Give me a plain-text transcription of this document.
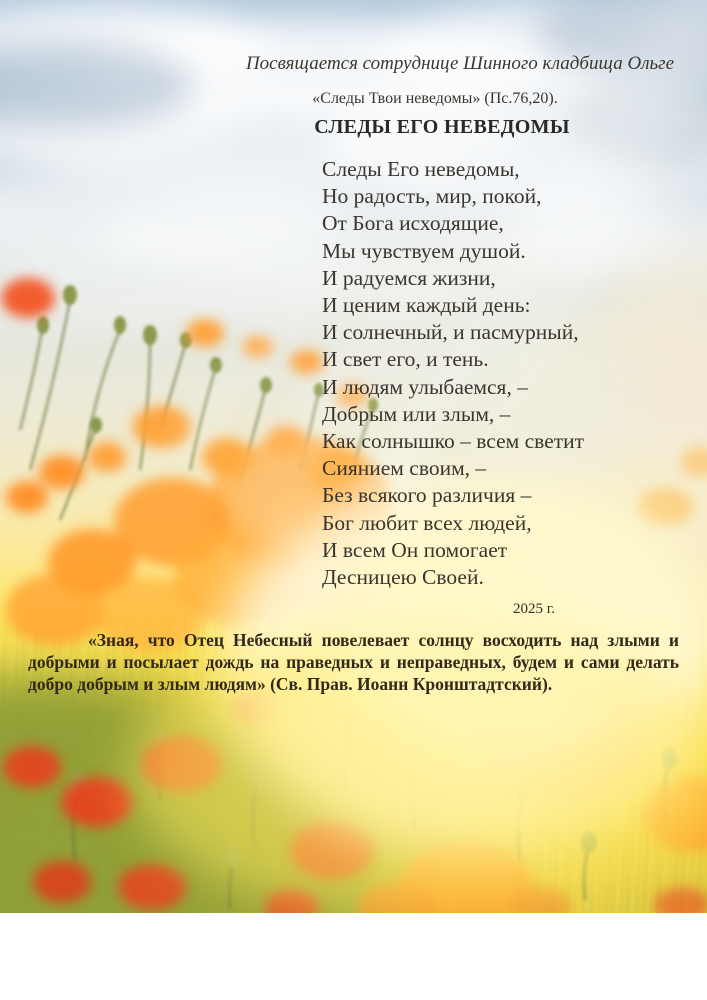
Посвящается сотруднице Шинного кладбища Ольге
«Следы Твои неведомы» (Пс.76,20).
СЛЕДЫ ЕГО НЕВЕДОМЫ
Следы Его неведомы,
Но радость, мир, покой,
От Бога исходящие,
Мы чувствуем душой.
И радуемся жизни,
И ценим каждый день:
И солнечный, и пасмурный,
И свет его, и тень.
И людям улыбаемся, –
Добрым или злым, –
Как солнышко – всем светит
Сиянием своим, –
Без всякого различия –
Бог любит всех людей,
И всем Он помогает
Десницею Своей.
2025 г.
«Зная, что Отец Небесный повелевает солнцу восходить над злыми и добрыми и посылает дождь на праведных и неправедных, будем и сами делать добро добрым и злым людям» (Св. Прав. Иоанн Кронштадтский).
